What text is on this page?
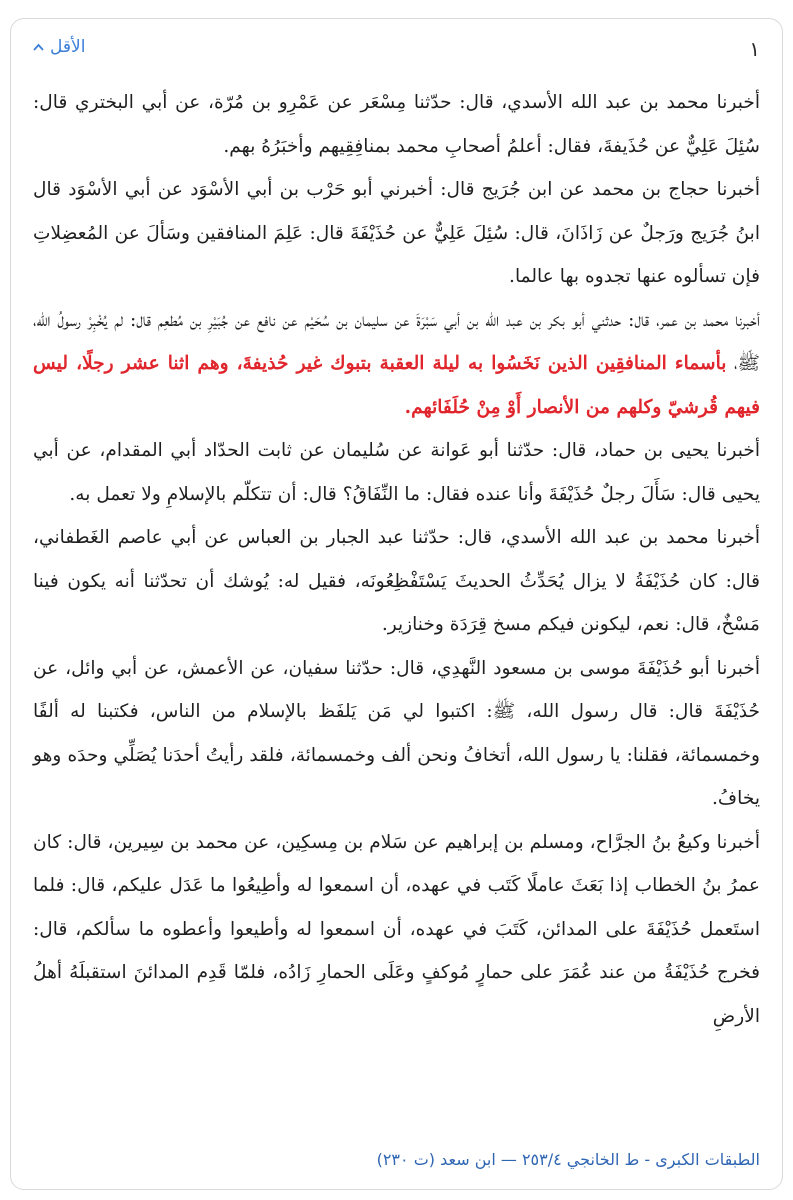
١
الأقل

أخبرنا محمد بن عبد الله الأسدي، قال: حدّثنا مِسْعَر عن عَمْرِو بن مُرّة، عن أبي البختري قال: سُئِلَ عَلِيٌّ عن حُذَيفةَ، فقال: أعلمُ أصحابِ محمد بمنافِقِيهم وأخبَرُهُ بهم.

أخبرنا حجاج بن محمد عن ابن جُرَيج قال: أخبرني أبو حَرْب بن أبي الأسْوَد عن أبي الأسْوَد قال ابنُ جُرَيج ورَجلٌ عن زَاذَانَ، قال: سُئِلَ عَلِيٌّ عن حُذَيْفَةَ قال: عَلِمَ المنافقين وسَألَ عن المُعضِلاتِ فإن تسألوه عنها تجدوه بها عالما.

أخبرنا محمد بن عمر، قال: حدثني أبو بكر بن عبد الله بن أبي سَبْرَةَ عن سليمان بن سُحَيْم عن نافع عن جُبَيْرِ بن مُطعِم قال: لم يُخْبِرْ رسولُ الله، ﷺ، بأسماء المنافقِين الذين نَخَسُوا به ليلة العقبة بتبوك غير حُذيفةَ، وهم اثنا عشر رجلًا، ليس فيهم قُرشيّ وكلهم من الأنصار أَوْ مِنْ حُلَفَائهم.

أخبرنا يحيى بن حماد، قال: حدّثنا أبو عَوانة عن سُليمان عن ثابت الحدّاد أبي المقدام، عن أبي يحيى قال: سَأَلَ رجلٌ حُذَيْفَةَ وأنا عنده فقال: ما النِّفَاقُ؟ قال: أن تتكلّم بالإسلامِ ولا تعمل به.

أخبرنا محمد بن عبد الله الأسدي، قال: حدّثنا عبد الجبار بن العباس عن أبي عاصم الغَطفاني، قال: كان حُذَيْفَةُ لا يزال يُحَدِّثُ الحديثَ يَسْتَفْظِعُونَه، فقيل له: يُوشك أن تحدّثنا أنه يكون فينا مَسْخٌ، قال: نعم، ليكونن فيكم مسخ قِرَدَة وخنازير.

أخبرنا أبو حُذَيْفَةَ موسى بن مسعود النَّهدِي، قال: حدّثنا سفيان، عن الأعمش، عن أبي وائل، عن حُذَيْفَةَ قال: قال رسول الله، ﷺ: اكتبوا لي مَن يَلفَظ بالإسلام من الناس، فكتبنا له ألفًا وخمسمائة، فقلنا: يا رسول الله، أتخافُ ونحن ألف وخمسمائة، فلقد رأيتُ أحدَنا يُصَلِّي وحدَه وهو يخافُ.

أخبرنا وكيعُ بنُ الجرَّاح، ومسلم بن إبراهيم عن سَلام بن مِسكِين، عن محمد بن سِيرين، قال: كان عمرُ بنُ الخطاب إذا بَعَثَ عاملًا كَتَب في عهده، أن اسمعوا له وأطِيعُوا ما عَدَل عليكم، قال: فلما استَعمل حُذَيْفَةَ على المدائن، كَتَبَ في عهده، أن اسمعوا له وأطيعوا وأعطوه ما سألكم، قال: فخرج حُذَيْفَةُ من عند عُمَرَ على حمارٍ مُوكفٍ وعَلَى الحمارِ زَادُه، فلمّا قَدِم المدائنَ استقبلَهُ أهلُ الأرضِ

الطبقات الكبرى - ط الخانجي ٢٥٣/٤ — ابن سعد (ت ٢٣٠)
